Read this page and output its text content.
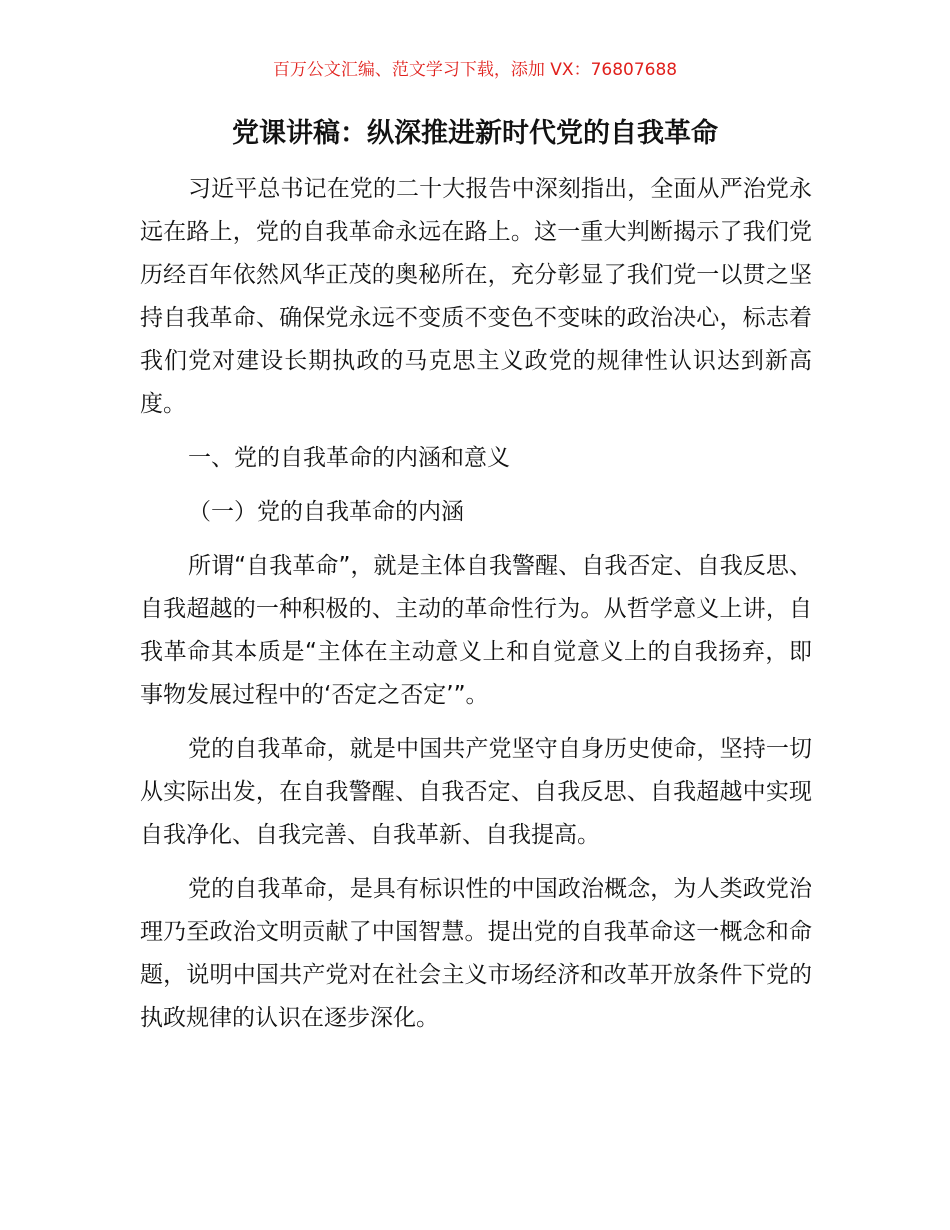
百万公文汇编、范文学习下载，添加 VX：76807688
党课讲稿：纵深推进新时代党的自我革命

习近平总书记在党的二十大报告中深刻指出，全面从严治党永远在路上，党的自我革命永远在路上。这一重大判断揭示了我们党历经百年依然风华正茂的奥秘所在，充分彰显了我们党一以贯之坚持自我革命、确保党永远不变质不变色不变味的政治决心，标志着我们党对建设长期执政的马克思主义政党的规律性认识达到新高度。

一、党的自我革命的内涵和意义

（一）党的自我革命的内涵

所谓“自我革命”，就是主体自我警醒、自我否定、自我反思、自我超越的一种积极的、主动的革命性行为。从哲学意义上讲，自我革命其本质是“主体在主动意义上和自觉意义上的自我扬弃，即事物发展过程中的‘否定之否定’”。

党的自我革命，就是中国共产党坚守自身历史使命，坚持一切从实际出发，在自我警醒、自我否定、自我反思、自我超越中实现自我净化、自我完善、自我革新、自我提高。

党的自我革命，是具有标识性的中国政治概念，为人类政党治理乃至政治文明贡献了中国智慧。提出党的自我革命这一概念和命题，说明中国共产党对在社会主义市场经济和改革开放条件下党的执政规律的认识在逐步深化。
